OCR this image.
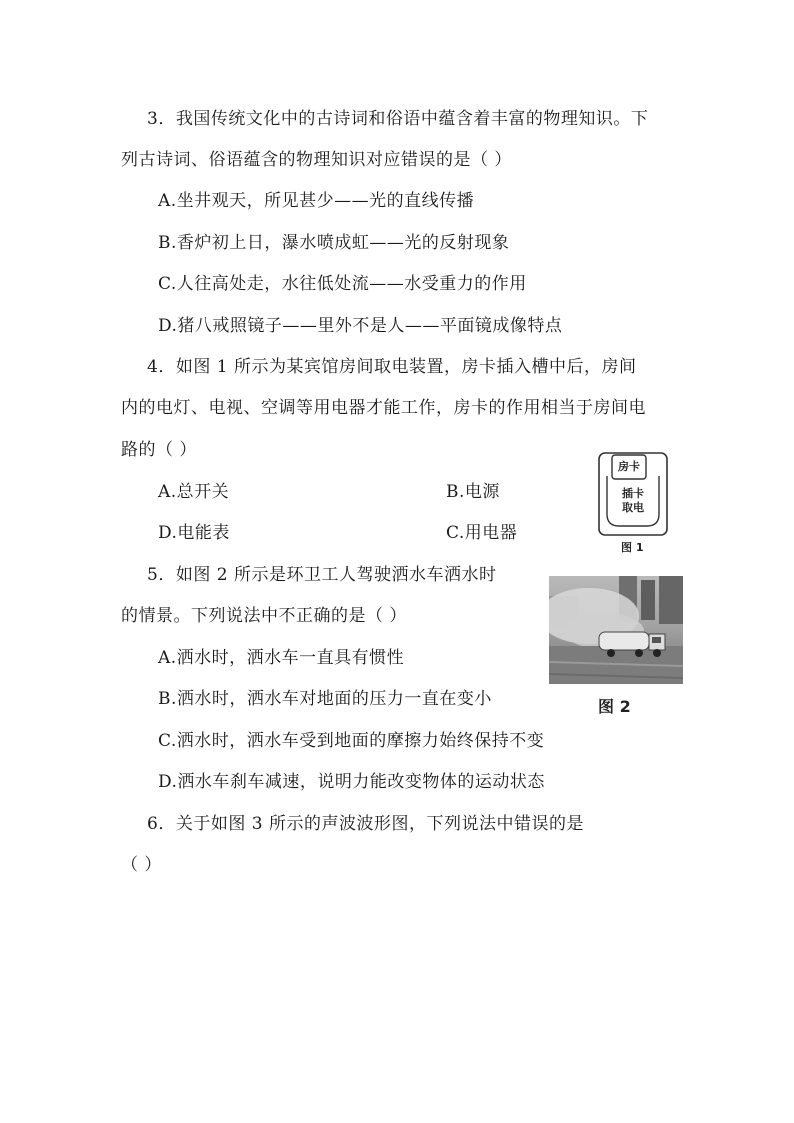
3．我国传统文化中的古诗词和俗语中蕴含着丰富的物理知识。下
列古诗词、俗语蕴含的物理知识对应错误的是（ ）
A.坐井观天，所见甚少——光的直线传播
B.香炉初上日，瀑水喷成虹——光的反射现象
C.人往高处走，水往低处流——水受重力的作用
D.猪八戒照镜子——里外不是人——平面镜成像特点
4．如图 1 所示为某宾馆房间取电装置，房卡插入槽中后，房间
内的电灯、电视、空调等用电器才能工作，房卡的作用相当于房间电
路的（ ）
A.总开关	B.电源
D.电能表	C.用电器
房卡
插卡
取电
图 1
5．如图 2 所示是环卫工人驾驶洒水车洒水时
的情景。下列说法中不正确的是（ ）
A.洒水时，洒水车一直具有惯性
B.洒水时，洒水车对地面的压力一直在变小
C.洒水时，洒水车受到地面的摩擦力始终保持不变
D.洒水车刹车减速，说明力能改变物体的运动状态
图 2
6．关于如图 3 所示的声波波形图，下列说法中错误的是
（ ）
